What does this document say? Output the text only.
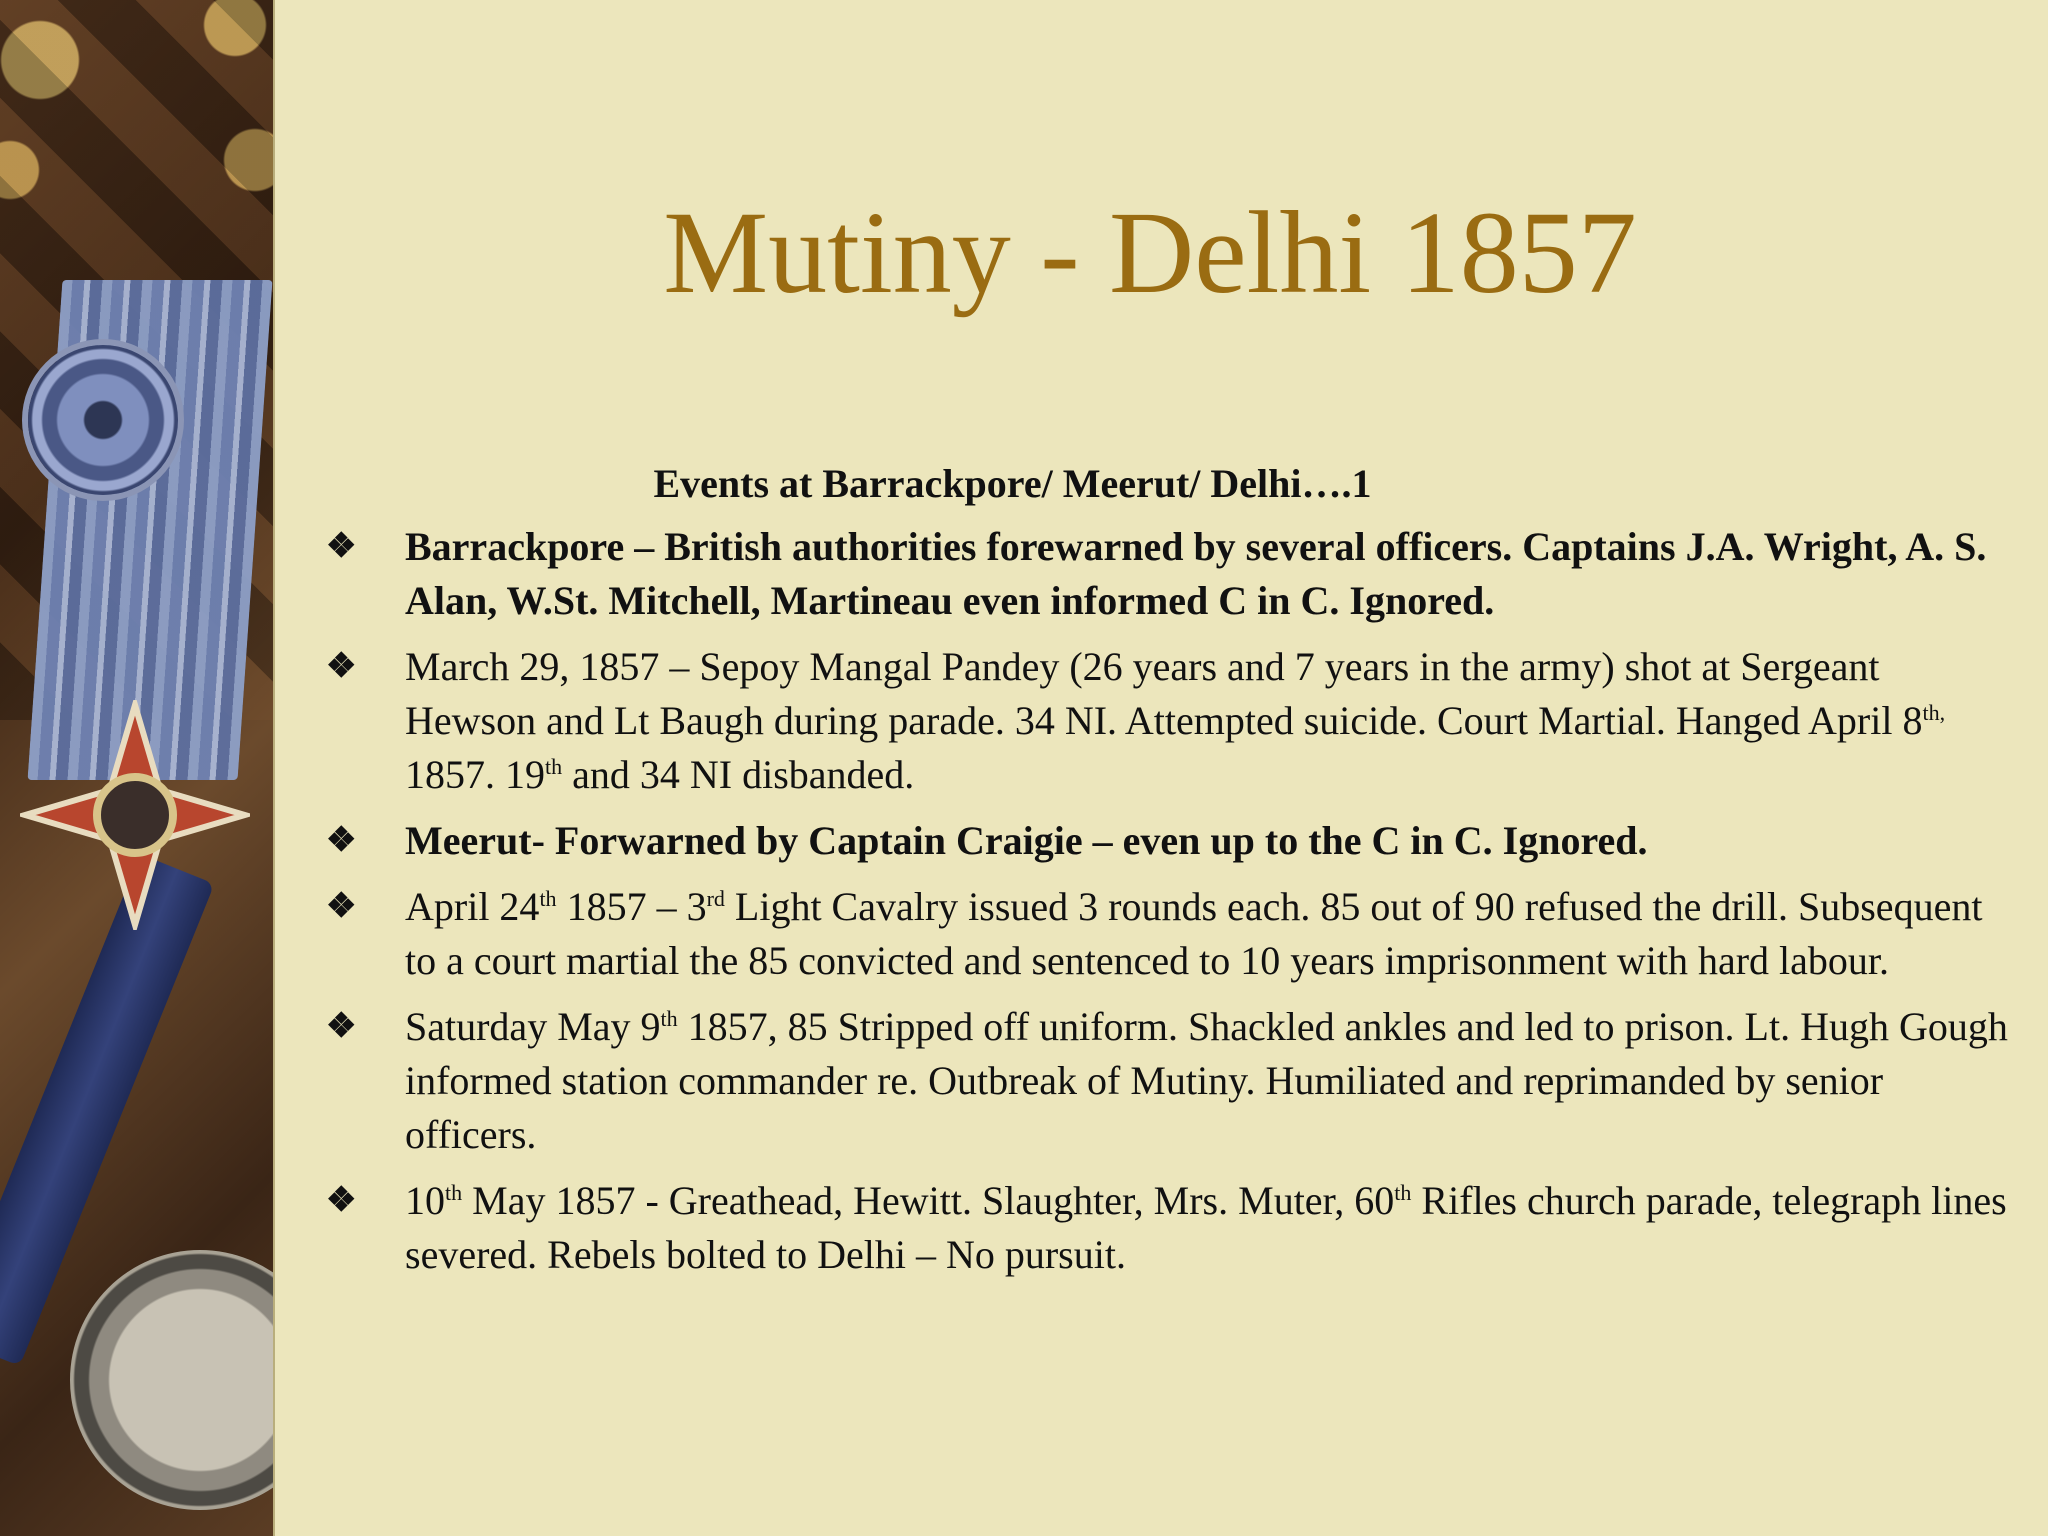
Mutiny - Delhi 1857
Events at Barrackpore/ Meerut/ Delhi….1
❖ Barrackpore – British authorities forewarned by several officers. Captains J.A. Wright, A. S. Alan, W.St. Mitchell, Martineau even informed C in C. Ignored.
❖ March 29, 1857 – Sepoy Mangal Pandey (26 years and 7 years in the army) shot at Sergeant Hewson and Lt Baugh during parade. 34 NI. Attempted suicide. Court Martial. Hanged April $8^{th,}$ 1857. 19th and 34 NI disbanded.
❖ Meerut- Forwarned by Captain Craigie – even up to the C in C. Ignored.
❖ April 24th 1857 – 3rd Light Cavalry issued 3 rounds each. 85 out of 90 refused the drill. Subsequent to a court martial the 85 convicted and sentenced to 10 years imprisonment with hard labour.
❖ Saturday May 9th 1857, 85 Stripped off uniform. Shackled ankles and led to prison. Lt. Hugh Gough informed station commander re. Outbreak of Mutiny. Humiliated and reprimanded by senior officers.
❖ 10th May 1857 - Greathead, Hewitt. Slaughter, Mrs. Muter, 60th Rifles church parade, telegraph lines severed. Rebels bolted to Delhi – No pursuit.
